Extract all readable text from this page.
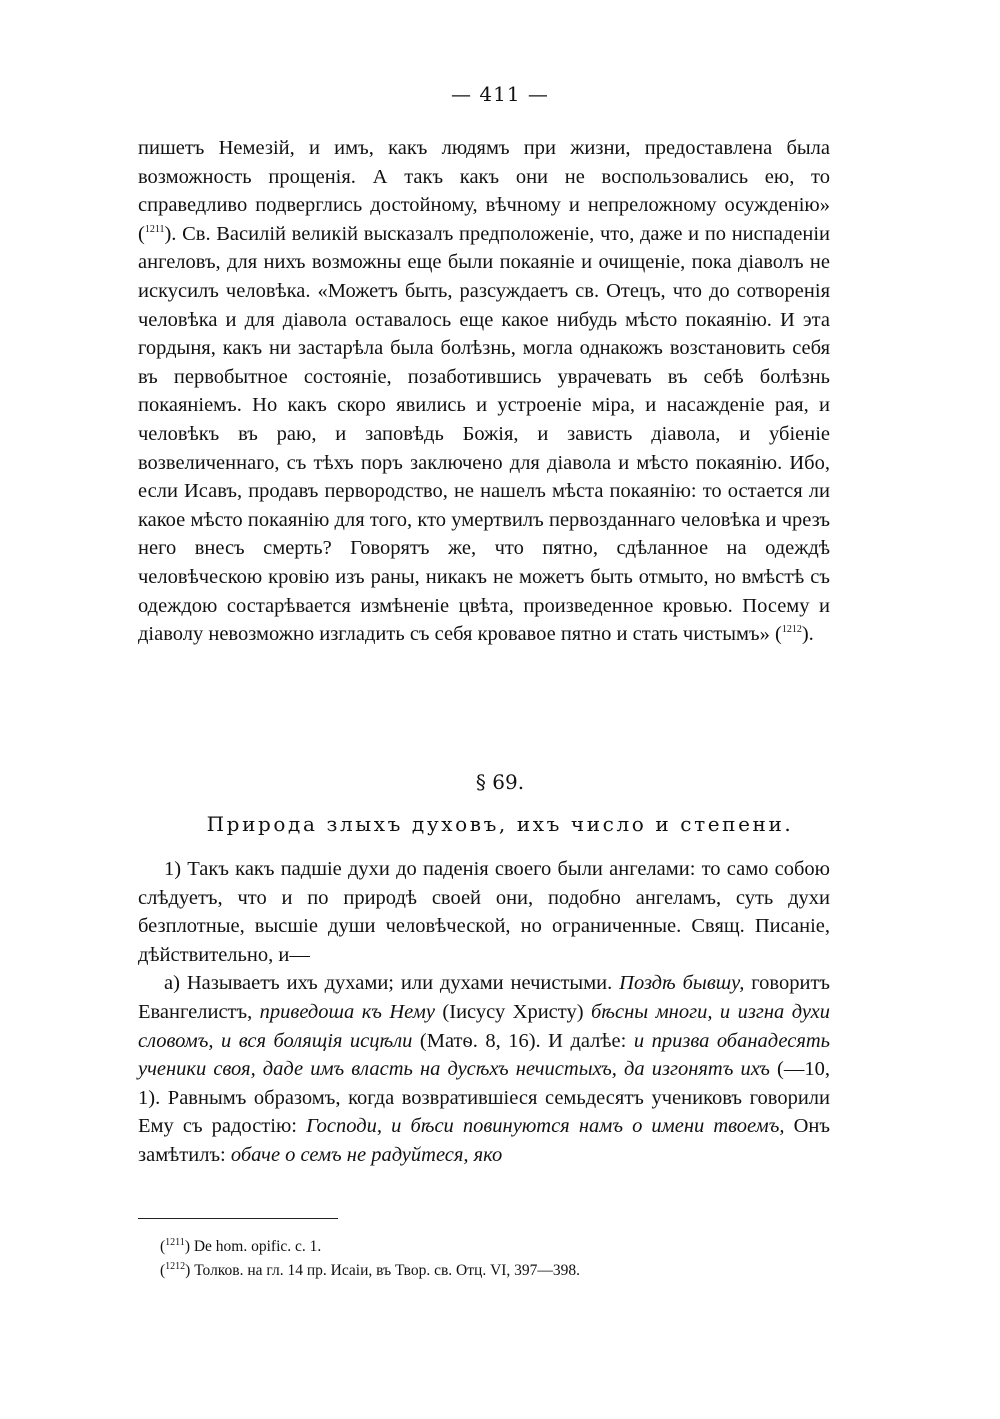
— 411 —

пишетъ Немезій, и имъ, какъ людямъ при жизни, предоставлена была возможность прощенія. А такъ какъ они не воспользовались ею, то справедливо подверглись достойному, вѣчному и непреложному осужденію» ($^{1211}$). Св. Василій великій высказалъ предположеніе, что, даже и по ниспаденіи ангеловъ, для нихъ возможны еще были покаяніе и очищеніе, пока діаволъ не искусилъ человѣка. «Можетъ быть, разсуждаетъ св. Отецъ, что до сотворенія человѣка и для діавола оставалось еще какое нибудь мѣсто покаянію. И эта гордыня, какъ ни застарѣла была болѣзнь, могла однакожъ возстановить себя въ первобытное состояніе, позаботившись уврачевать въ себѣ болѣзнь покаяніемъ. Но какъ скоро явились и устроеніе міра, и насажденіе рая, и человѣкъ въ раю, и заповѣдь Божія, и зависть діавола, и убіеніе возвеличеннаго, съ тѣхъ поръ заключено для діавола и мѣсто покаянію. Ибо, если Исавъ, продавъ первородство, не нашелъ мѣста покаянію: то остается ли какое мѣсто покаянію для того, кто умертвилъ первозданнаго человѣка и чрезъ него внесъ смерть? Говорятъ же, что пятно, сдѣланное на одеждѣ человѣческою кровію изъ раны, никакъ не можетъ быть отмыто, но вмѣстѣ съ одеждою состарѣвается измѣненіе цвѣта, произведенное кровью. Посему и діаволу невозможно изгладить съ себя кровавое пятно и стать чистымъ» ($^{1212}$).

§ 69.
Природа злыхъ духовъ, ихъ число и степени.

1) Такъ какъ падшіе духи до паденія своего были ангелами: то само собою слѣдуетъ, что и по природѣ своей они, подобно ангеламъ, суть духи безплотные, высшіе души человѣческой, но ограниченные. Свящ. Писаніе, дѣйствительно, и—

а) Называетъ ихъ духами; или духами нечистыми. Поздѣ бывшу, говоритъ Евангелистъ, приведоша къ Нему (Іисусу Христу) бѣсны многи, и изгна духи словомъ, и вся болящія исцѣли (Матѳ. 8, 16). И далѣе: и призва обанадесять ученики своя, даде имъ власть на дусѣхъ нечистыхъ, да изгонятъ ихъ (—10, 1). Равнымъ образомъ, когда возвратившіеся семьдесятъ учениковъ говорили Ему съ радостію: Господи, и бѣси повинуются намъ о имени твоемъ, Онъ замѣтилъ: обаче о семъ не радуйтеся, яко

($^{1211}$) De hom. opific. c. 1.

($^{1212}$) Толков. на гл. 14 пр. Исаіи, въ Твор. св. Отц. VI, 397—398.
